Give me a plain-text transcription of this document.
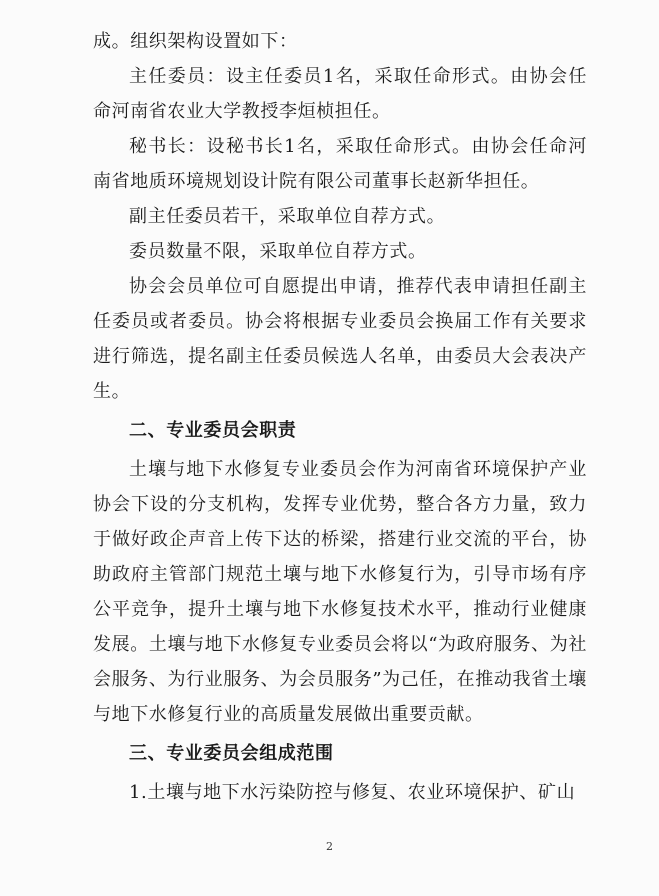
成。组织架构设置如下：

主任委员：设主任委员1名，采取任命形式。由协会任命河南省农业大学教授李烜桢担任。

秘书长：设秘书长1名，采取任命形式。由协会任命河南省地质环境规划设计院有限公司董事长赵新华担任。

副主任委员若干，采取单位自荐方式。

委员数量不限，采取单位自荐方式。

协会会员单位可自愿提出申请，推荐代表申请担任副主任委员或者委员。协会将根据专业委员会换届工作有关要求进行筛选，提名副主任委员候选人名单，由委员大会表决产生。

二、专业委员会职责

土壤与地下水修复专业委员会作为河南省环境保护产业协会下设的分支机构，发挥专业优势，整合各方力量，致力于做好政企声音上传下达的桥梁，搭建行业交流的平台，协助政府主管部门规范土壤与地下水修复行为，引导市场有序公平竞争，提升土壤与地下水修复技术水平，推动行业健康发展。土壤与地下水修复专业委员会将以“为政府服务、为社会服务、为行业服务、为会员服务”为己任，在推动我省土壤与地下水修复行业的高质量发展做出重要贡献。

三、专业委员会组成范围

1.土壤与地下水污染防控与修复、农业环境保护、矿山

2
